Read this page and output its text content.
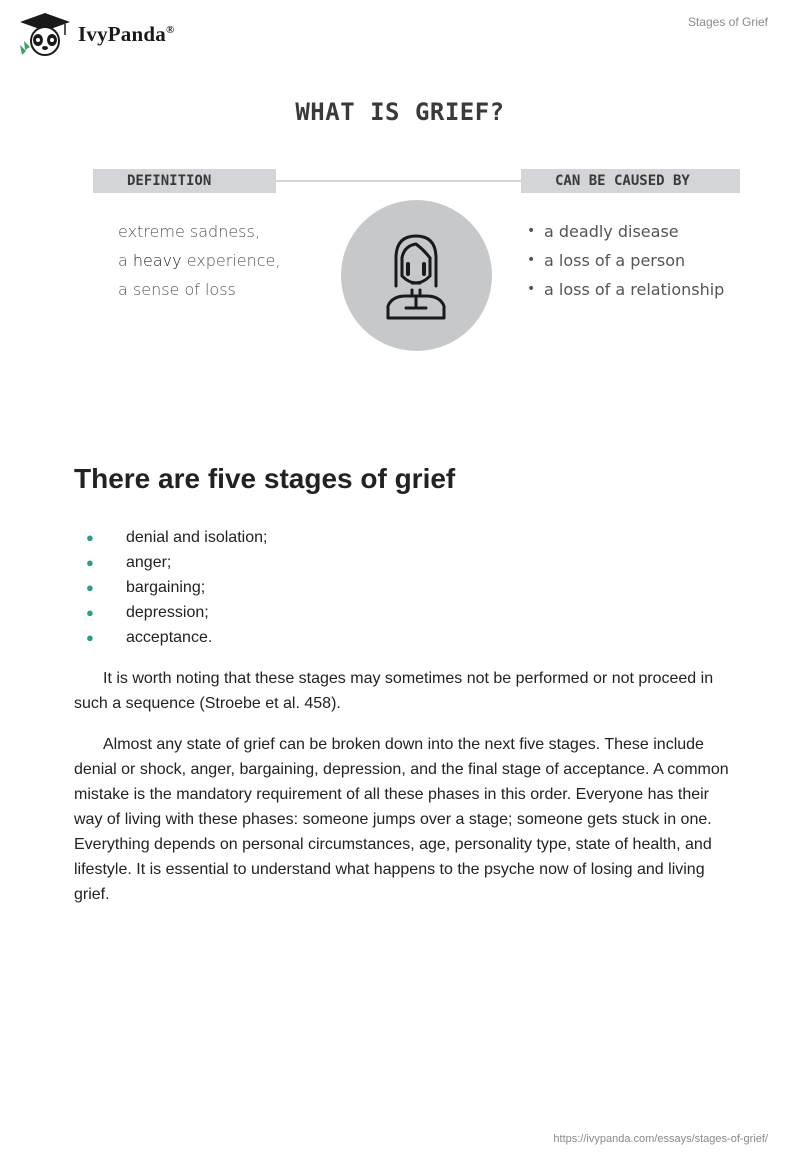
IvyPanda®
Stages of Grief
WHAT IS GRIEF?
DEFINITION	CAN BE CAUSED BY
extreme sadness,
a heavy experience,
a sense of loss
• a deadly disease
• a loss of a person
• a loss of a relationship
There are five stages of grief
●	denial and isolation;
●	anger;
●	bargaining;
●	depression;
●	acceptance.

It is worth noting that these stages may sometimes not be performed or not proceed in such a sequence (Stroebe et al. 458).

Almost any state of grief can be broken down into the next five stages. These include denial or shock, anger, bargaining, depression, and the final stage of acceptance. A common mistake is the mandatory requirement of all these phases in this order. Everyone has their way of living with these phases: someone jumps over a stage; someone gets stuck in one. Everything depends on personal circumstances, age, personality type, state of health, and lifestyle. It is essential to understand what happens to the psyche now of losing and living grief.

https://ivypanda.com/essays/stages-of-grief/
